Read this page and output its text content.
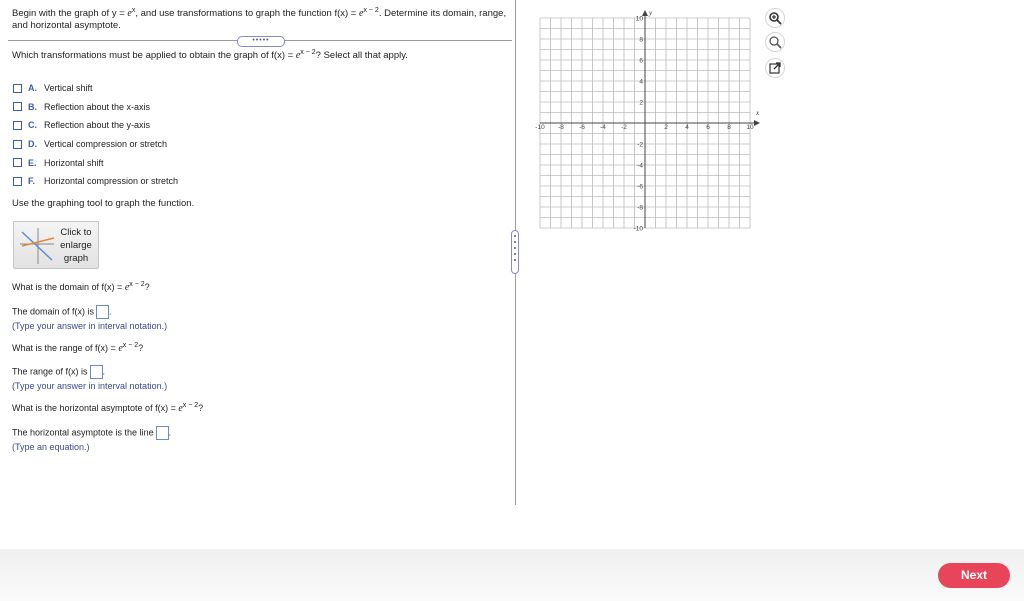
Begin with the graph of $y = e^x$, and use transformations to graph the function $f(x) = e^{x - 2}$. Determine its domain, range, and horizontal asymptote.
•••••
Which transformations must be applied to obtain the graph of $f(x) = e^{x - 2}$? Select all that apply.
A. Vertical shift
B. Reflection about the x-axis
C. Reflection about the y-axis
D. Vertical compression or stretch
E. Horizontal shift
F. Horizontal compression or stretch
Use the graphing tool to graph the function.
Click to
enlarge
graph
What is the domain of $f(x) = e^{x - 2}$?
The domain of f(x) is .
(Type your answer in interval notation.)
What is the range of $f(x) = e^{x - 2}$?
The range of f(x) is .
(Type your answer in interval notation.)
What is the horizontal asymptote of $f(x) = e^{x - 2}$?
The horizontal asymptote is the line .
(Type an equation.)
x
y
-10 -8 -6 -4 -2	2	4	6	8 10
10
8
6
4
2
-2
-4
-6
-8
-10
Next
